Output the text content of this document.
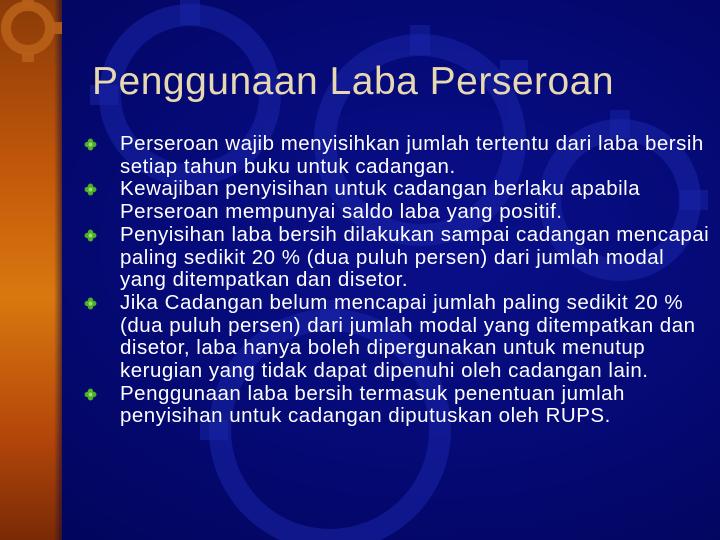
Penggunaan Laba Perseroan
Perseroan wajib menyisihkan jumlah tertentu dari laba bersih setiap tahun buku untuk cadangan.
Kewajiban penyisihan untuk cadangan berlaku apabila Perseroan mempunyai saldo laba yang positif.
Penyisihan laba bersih dilakukan sampai cadangan mencapai paling sedikit 20 % (dua puluh persen) dari jumlah modal yang ditempatkan dan disetor.
Jika Cadangan belum mencapai jumlah paling sedikit 20 % (dua puluh persen) dari jumlah modal yang ditempatkan dan disetor, laba hanya boleh dipergunakan untuk menutup kerugian yang tidak dapat dipenuhi oleh cadangan lain.
Penggunaan laba bersih termasuk penentuan jumlah penyisihan untuk cadangan diputuskan oleh RUPS.
